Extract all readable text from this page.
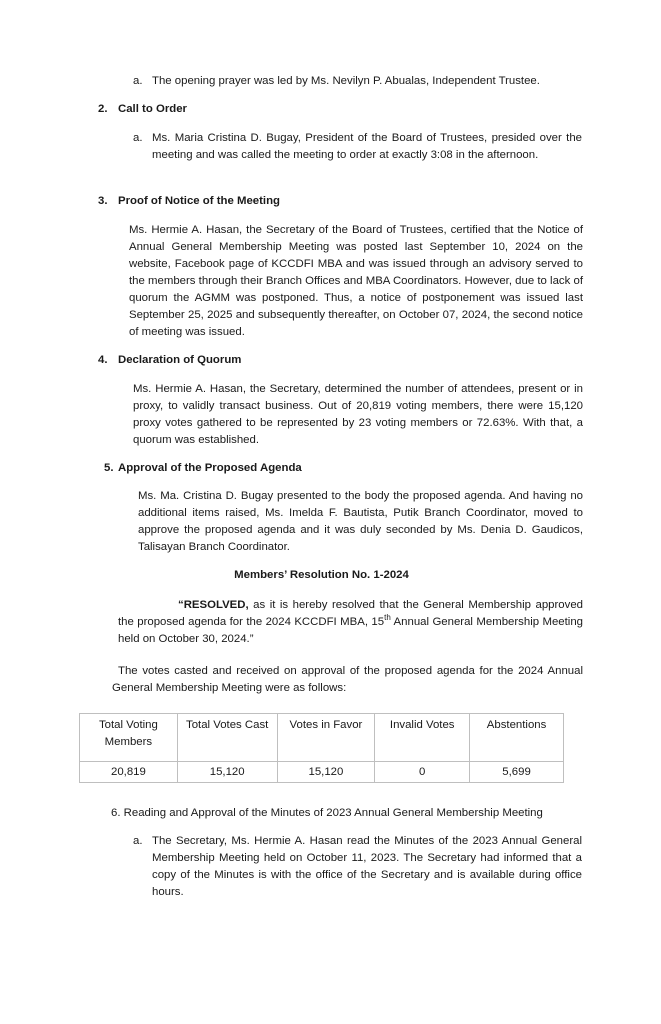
a. The opening prayer was led by Ms. Nevilyn P. Abualas, Independent Trustee.
2. Call to Order
a. Ms. Maria Cristina D. Bugay, President of the Board of Trustees, presided over the meeting and was called the meeting to order at exactly 3:08 in the afternoon.
3. Proof of Notice of the Meeting
Ms. Hermie A. Hasan, the Secretary of the Board of Trustees, certified that the Notice of Annual General Membership Meeting was posted last September 10, 2024 on the website, Facebook page of KCCDFI MBA and was issued through an advisory served to the members through their Branch Offices and MBA Coordinators. However, due to lack of quorum the AGMM was postponed. Thus, a notice of postponement was issued last September 25, 2025 and subsequently thereafter, on October 07, 2024, the second notice of meeting was issued.
4. Declaration of Quorum
Ms. Hermie A. Hasan, the Secretary, determined the number of attendees, present or in proxy, to validly transact business. Out of 20,819 voting members, there were 15,120 proxy votes gathered to be represented by 23 voting members or 72.63%. With that, a quorum was established.
5. Approval of the Proposed Agenda
Ms. Ma. Cristina D. Bugay presented to the body the proposed agenda. And having no additional items raised, Ms. Imelda F. Bautista, Putik Branch Coordinator, moved to approve the proposed agenda and it was duly seconded by Ms. Denia D. Gaudicos, Talisayan Branch Coordinator.
Members’ Resolution No. 1-2024
“RESOLVED, as it is hereby resolved that the General Membership approved the proposed agenda for the 2024 KCCDFI MBA, 15th Annual General Membership Meeting held on October 30, 2024.”
The votes casted and received on approval of the proposed agenda for the 2024 Annual General Membership Meeting were as follows:
Total Voting Members	Total Votes Cast	Votes in Favor	Invalid Votes	Abstentions
20,819	15,120	15,120	0	5,699
6. Reading and Approval of the Minutes of 2023 Annual General Membership Meeting
a. The Secretary, Ms. Hermie A. Hasan read the Minutes of the 2023 Annual General Membership Meeting held on October 11, 2023. The Secretary had informed that a copy of the Minutes is with the office of the Secretary and is available during office hours.
